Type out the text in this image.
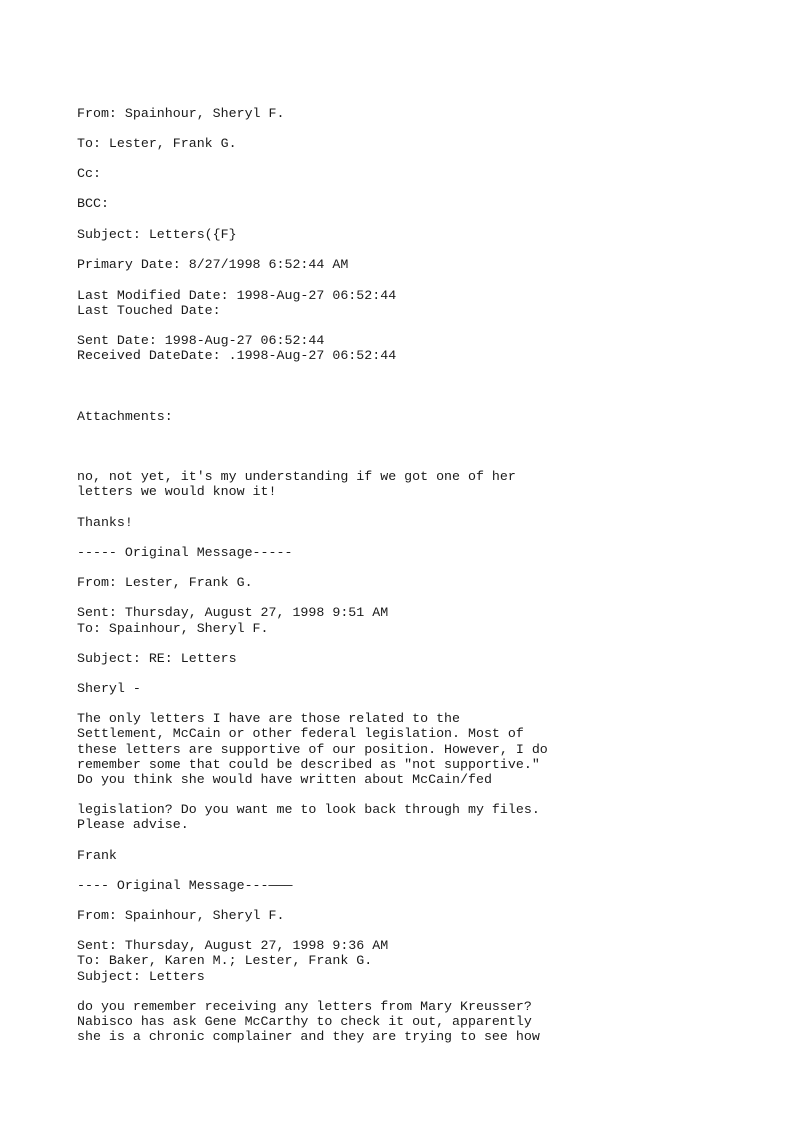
From: Spainhour, Sheryl F.

To: Lester, Frank G.

Cc:

BCC:

Subject: Letters({F}

Primary Date: 8/27/1998 6:52:44 AM

Last Modified Date: 1998-Aug-27 06:52:44

Last Touched Date:

Sent Date: 1998-Aug-27 06:52:44

Received DateDate: .1998-Aug-27 06:52:44

Attachments:

no, not yet, it's my understanding if we got one of her

letters we would know it!

Thanks!

----- Original Message-----

From: Lester, Frank G.

Sent: Thursday, August 27, 1998 9:51 AM

To: Spainhour, Sheryl F.

Subject: RE: Letters

Sheryl -

The only letters I have are those related to the

Settlement, McCain or other federal legislation. Most of

these letters are supportive of our position. However, I do

remember some that could be described as "not supportive."

Do you think she would have written about McCain/fed

legislation? Do you want me to look back through my files.

Please advise.

Frank

---- Original Message---———

From: Spainhour, Sheryl F.

Sent: Thursday, August 27, 1998 9:36 AM

To: Baker, Karen M.; Lester, Frank G.

Subject: Letters

do you remember receiving any letters from Mary Kreusser?

Nabisco has ask Gene McCarthy to check it out, apparently

she is a chronic complainer and they are trying to see how
